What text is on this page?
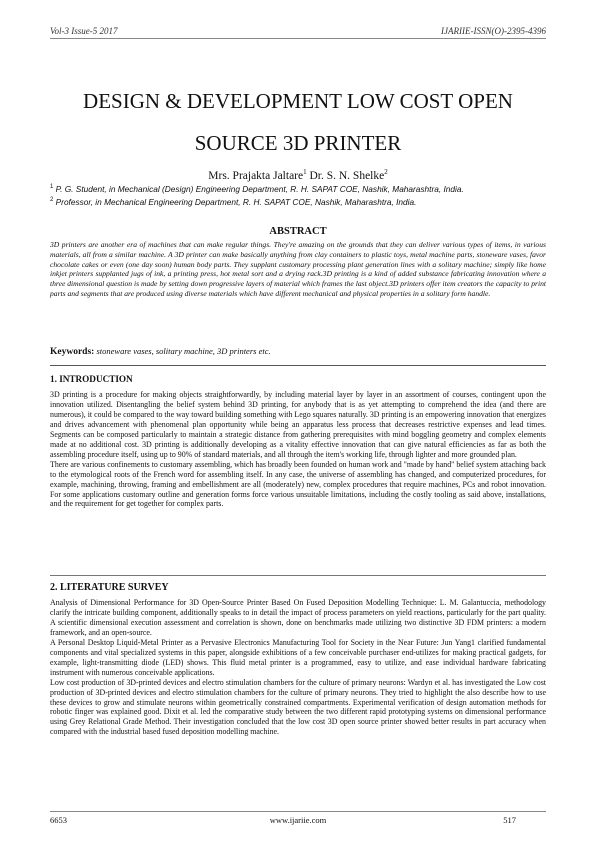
Vol-3 Issue-5 2017	IJARIIE-ISSN(O)-2395-4396
DESIGN & DEVELOPMENT LOW COST OPEN
SOURCE 3D PRINTER
Mrs. Prajakta Jaltare$^1$ Dr. S. N. Shelke$^2$
$^1$ P. G. Student, in Mechanical (Design) Engineering Department, R. H. SAPAT COE, Nashik, Maharashtra, India.
$^2$ Professor, in Mechanical Engineering Department, R. H. SAPAT COE, Nashik, Maharashtra, India.
ABSTRACT
3D printers are another era of machines that can make regular things. They're amazing on the grounds that they can deliver various types of items, in various materials, all from a similar machine. A 3D printer can make basically anything from clay containers to plastic toys, metal machine parts, stoneware vases, favor chocolate cakes or even (one day soon) human body parts. They supplant customary processing plant generation lines with a solitary machine; simply like home inkjet printers supplanted jugs of ink, a printing press, hot metal sort and a drying rack.3D printing is a kind of added substance fabricating innovation where a three dimensional question is made by setting down progressive layers of material which frames the last object.3D printers offer item creators the capacity to print parts and segments that are produced using diverse materials which have different mechanical and physical properties in a solitary form handle.
Keywords: stoneware vases, solitary machine, 3D printers etc.
1. INTRODUCTION

3D printing is a procedure for making objects straightforwardly, by including material layer by layer in an assortment of courses, contingent upon the innovation utilized. Disentangling the belief system behind 3D printing, for anybody that is as yet attempting to comprehend the idea (and there are numerous), it could be compared to the way toward building something with Lego squares naturally. 3D printing is an empowering innovation that energizes and drives advancement with phenomenal plan opportunity while being an apparatus less process that decreases restrictive expenses and lead times. Segments can be composed particularly to maintain a strategic distance from gathering prerequisites with mind boggling geometry and complex elements made at no additional cost. 3D printing is additionally developing as a vitality effective innovation that can give natural efficiencies as far as both the assembling procedure itself, using up to 90% of standard materials, and all through the item's working life, through lighter and more grounded plan.

There are various confinements to customary assembling, which has broadly been founded on human work and "made by hand" belief system attaching back to the etymological roots of the French word for assembling itself. In any case, the universe of assembling has changed, and computerized procedures, for example, machining, throwing, framing and embellishment are all (moderately) new, complex procedures that require machines, PCs and robot innovation. For some applications customary outline and generation forms force various unsuitable limitations, including the costly tooling as said above, installations, and the requirement for get together for complex parts.

2. LITERATURE SURVEY

Analysis of Dimensional Performance for 3D Open-Source Printer Based On Fused Deposition Modelling Technique: L. M. Galantuccia, methodology clarify the intricate building component, additionally speaks to in detail the impact of process parameters on yield reactions, particularly for the part quality. A scientific dimensional execution assessment and correlation is shown, done on benchmarks made utilizing two distinctive 3D FDM printers: a modern framework, and an open-source.

A Personal Desktop Liquid-Metal Printer as a Pervasive Electronics Manufacturing Tool for Society in the Near Future: Jun Yang1 clarified fundamental components and vital specialized systems in this paper, alongside exhibitions of a few conceivable purchaser end-utilizes for making practical gadgets, for example, light-transmitting diode (LED) shows. This fluid metal printer is a programmed, easy to utilize, and ease individual hardware fabricating instrument with numerous conceivable applications.

Low cost production of 3D-printed devices and electro stimulation chambers for the culture of primary neurons: Wardyn et al. has investigated the Low cost production of 3D-printed devices and electro stimulation chambers for the culture of primary neurons. They tried to highlight the also describe how to use these devices to grow and stimulate neurons within geometrically constrained compartments. Experimental verification of design automation methods for robotic finger was explained good. Dixit et al. led the comparative study between the two different rapid prototyping systems on dimensional performance using Grey Relational Grade Method. Their investigation concluded that the low cost 3D open source printer showed better results in part accuracy when compared with the industrial based fused deposition modelling machine.

6653	www.ijariie.com	517
